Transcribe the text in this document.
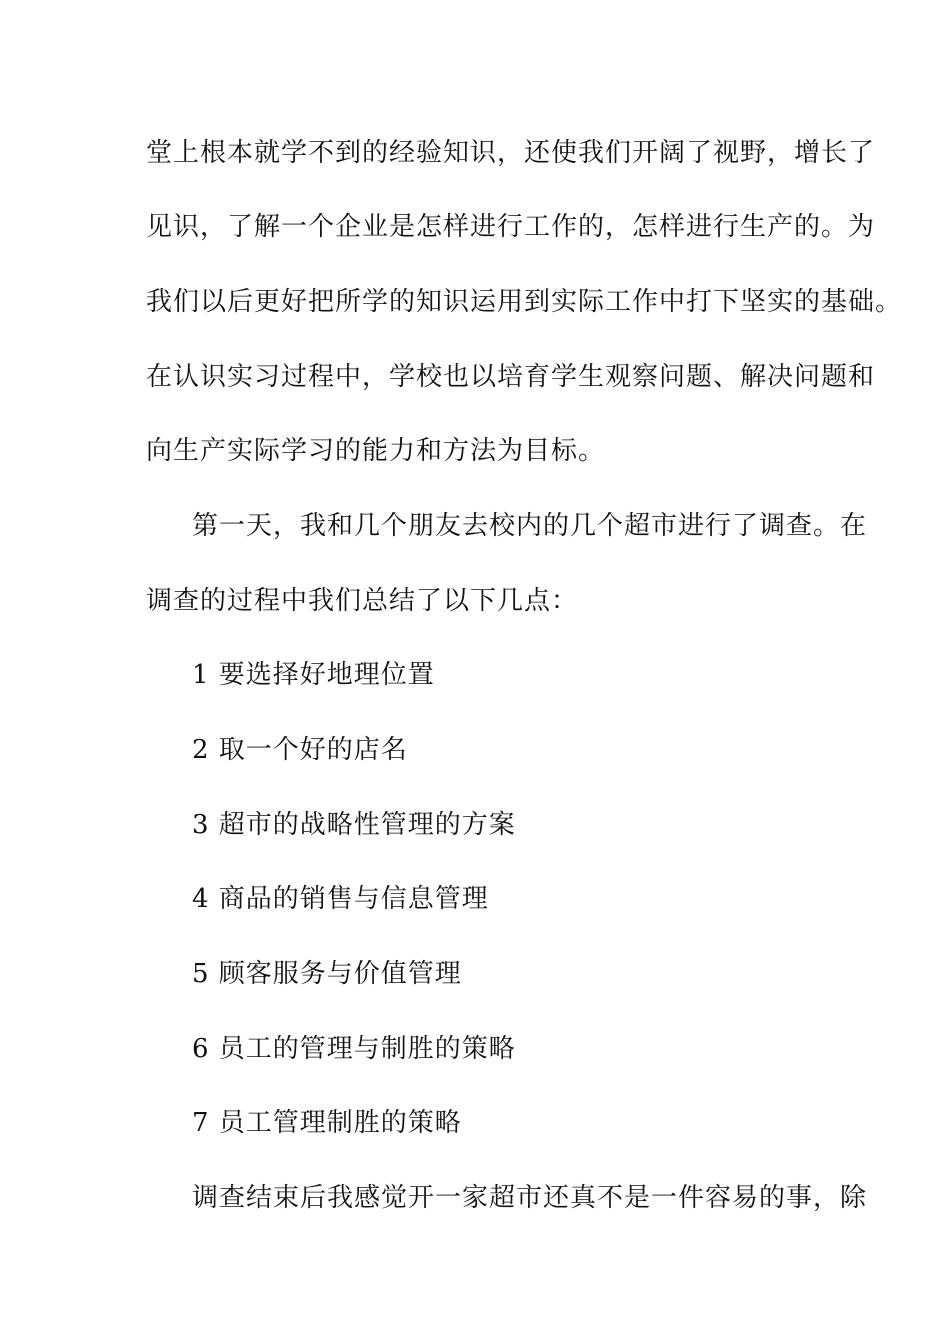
堂上根本就学不到的经验知识，还使我们开阔了视野，增长了
见识，了解一个企业是怎样进行工作的，怎样进行生产的。为
我们以后更好把所学的知识运用到实际工作中打下坚实的基础。
在认识实习过程中，学校也以培育学生观察问题、解决问题和
向生产实际学习的能力和方法为目标。
第一天，我和几个朋友去校内的几个超市进行了调查。在
调查的过程中我们总结了以下几点：
1 要选择好地理位置
2 取一个好的店名
3 超市的战略性管理的方案
4 商品的销售与信息管理
5 顾客服务与价值管理
6 员工的管理与制胜的策略
7 员工管理制胜的策略
调查结束后我感觉开一家超市还真不是一件容易的事，除
